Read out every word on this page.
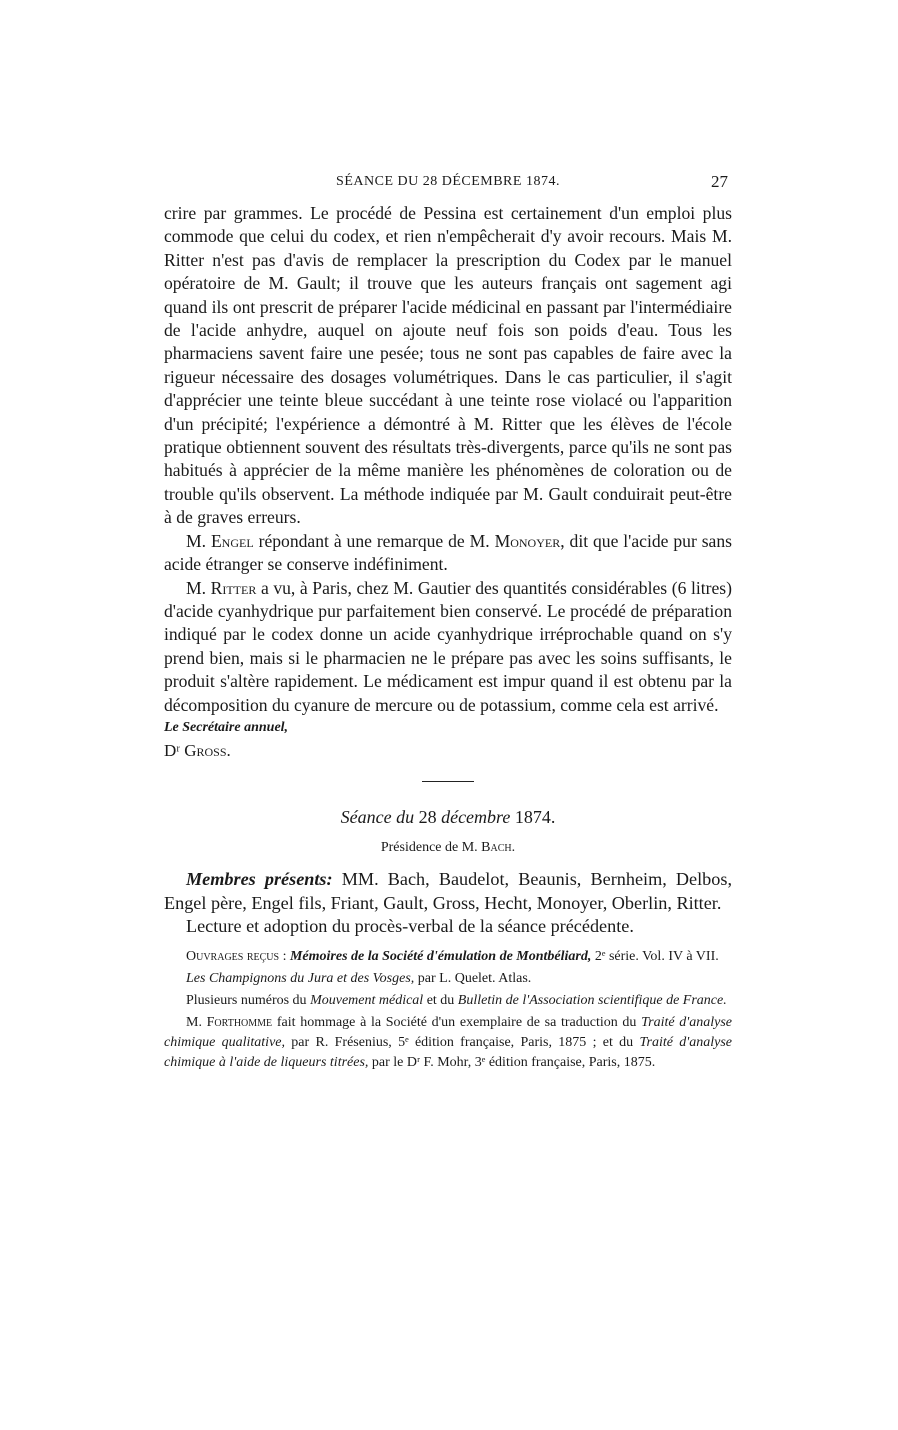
SÉANCE DU 28 DÉCEMBRE 1874.	27

crire par grammes. Le procédé de Pessina est certainement d'un emploi plus commode que celui du codex, et rien n'empêcherait d'y avoir recours. Mais M. Ritter n'est pas d'avis de remplacer la prescription du Codex par le manuel opératoire de M. Gault; il trouve que les auteurs français ont sagement agi quand ils ont prescrit de préparer l'acide médicinal en passant par l'intermédiaire de l'acide anhydre, auquel on ajoute neuf fois son poids d'eau. Tous les pharmaciens savent faire une pesée; tous ne sont pas capables de faire avec la rigueur nécessaire des dosages volumétriques. Dans le cas particulier, il s'agit d'apprécier une teinte bleue succédant à une teinte rose violacé ou l'apparition d'un précipité; l'expérience a démontré à M. Ritter que les élèves de l'école pratique obtiennent souvent des résultats très-divergents, parce qu'ils ne sont pas habitués à apprécier de la même manière les phénomènes de coloration ou de trouble qu'ils observent. La méthode indiquée par M. Gault conduirait peut-être à de graves erreurs.

M. Engel répondant à une remarque de M. Monoyer, dit que l'acide pur sans acide étranger se conserve indéfiniment.

M. Ritter a vu, à Paris, chez M. Gautier des quantités considérables (6 litres) d'acide cyanhydrique pur parfaitement bien conservé. Le procédé de préparation indiqué par le codex donne un acide cyanhydrique irréprochable quand on s'y prend bien, mais si le pharmacien ne le prépare pas avec les soins suffisants, le produit s'altère rapidement. Le médicament est impur quand il est obtenu par la décomposition du cyanure de mercure ou de potassium, comme cela est arrivé.

Le Secrétaire annuel,

Dʳ Gross.

Séance du 28 décembre 1874.
Présidence de M. Bach.

Membres présents: MM. Bach, Baudelot, Beaunis, Bernheim, Delbos, Engel père, Engel fils, Friant, Gault, Gross, Hecht, Monoyer, Oberlin, Ritter.

Lecture et adoption du procès-verbal de la séance précédente.

Ouvrages reçus : Mémoires de la Société d'émulation de Montbéliard, 2ᵉ série. Vol. IV à VII.

Les Champignons du Jura et des Vosges, par L. Quelet. Atlas.

Plusieurs numéros du Mouvement médical et du Bulletin de l'Association scientifique de France.

M. Forthomme fait hommage à la Société d'un exemplaire de sa traduction du Traité d'analyse chimique qualitative, par R. Frésenius, 5ᵉ édition française, Paris, 1875 ; et du Traité d'analyse chimique à l'aide de liqueurs titrées, par le Dʳ F. Mohr, 3ᵉ édition française, Paris, 1875.
